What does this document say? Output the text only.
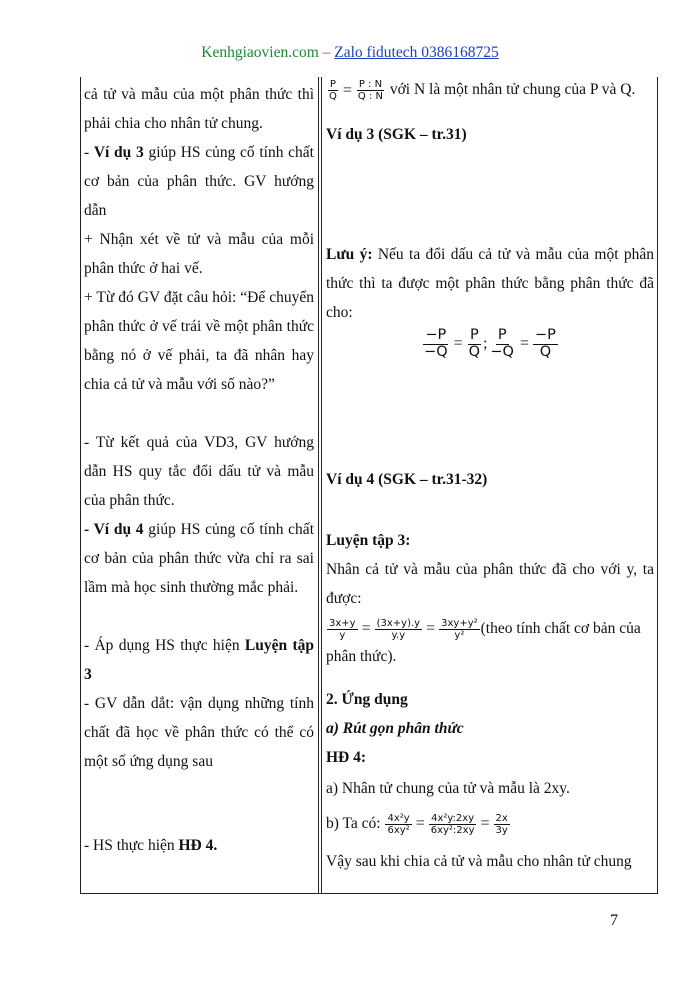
Kenhgiaovien.com – Zalo fidutech 0386168725
cả tử và mẫu của một phân thức thì phải chia cho nhân tử chung.
- Ví dụ 3 giúp HS củng cố tính chất cơ bản của phân thức. GV hướng dẫn
+ Nhận xét về tử và mẫu của mỗi phân thức ở hai vế.
+ Từ đó GV đặt câu hỏi: “Để chuyển phân thức ở vế trái về một phân thức bằng nó ở vế phải, ta đã nhân hay chia cả tử và mẫu với số nào?”
- Từ kết quả của VD3, GV hướng dẫn HS quy tắc đổi dấu tử và mẫu của phân thức.
- Ví dụ 4 giúp HS củng cố tính chất cơ bản của phân thức vừa chỉ ra sai lầm mà học sinh thường mắc phải.
- Áp dụng HS thực hiện Luyện tập 3
- GV dẫn dắt: vận dụng những tính chất đã học về phân thức có thể có một số ứng dụng sau
- HS thực hiện HĐ 4.
$\frac{P}{Q} = \frac{P : N}{Q : N}$ với N là một nhân tử chung của P và Q.
Ví dụ 3 (SGK – tr.31)
Lưu ý: Nếu ta đổi dấu cả tử và mẫu của một phân thức thì ta được một phân thức bằng phân thức đã cho:
$\frac{-P}{-Q} = \frac{P}{Q}$ ; $\frac{P}{-Q} = \frac{-P}{Q}$
Ví dụ 4 (SGK – tr.31-32)
Luyện tập 3:
Nhân cả tử và mẫu của phân thức đã cho với y, ta được:
$\frac{3x+y}{y} = \frac{(3x+y).y}{y.y} = \frac{\text{3xy+y²}}{\text{y²}}$ (theo tính chất cơ bản của phân thức).
2. Ứng dụng
a) Rút gọn phân thức
HĐ 4:
a) Nhân tử chung của tử và mẫu là 2xy.
b) Ta có: $\frac{\text{4x²y}}{\text{6xy²}} = \frac{\text{4x²y:2xy}}{\text{6xy²:2xy}} = \frac{2x}{3y}$
Vậy sau khi chia cả tử và mẫu cho nhân tử chung
7
